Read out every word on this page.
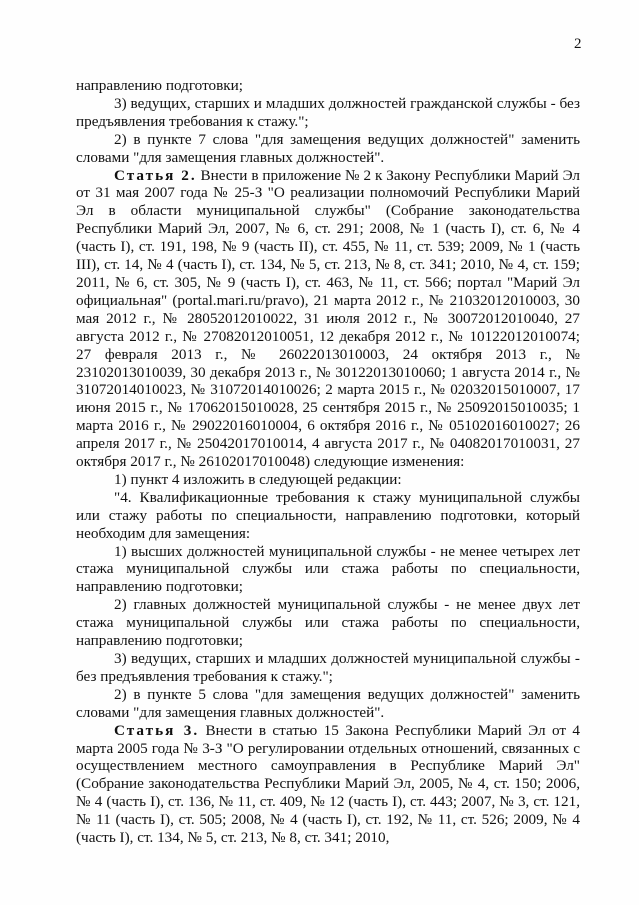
2

направлению подготовки;

3) ведущих, старших и младших должностей гражданской службы - без предъявления требования к стажу.";

2) в пункте 7 слова "для замещения ведущих должностей" заменить словами "для замещения главных должностей".

Статья 2. Внести в приложение № 2 к Закону Республики Марий Эл от 31 мая 2007 года № 25-З "О реализации полномочий Республики Марий Эл в области муниципальной службы" (Собрание законодательства Республики Марий Эл, 2007, № 6, ст. 291; 2008, № 1 (часть I), ст. 6, № 4 (часть I), ст. 191, 198, № 9 (часть II), ст. 455, № 11, ст. 539; 2009, № 1 (часть III), ст. 14, № 4 (часть I), ст. 134, № 5, ст. 213, № 8, ст. 341; 2010, № 4, ст. 159; 2011, № 6, ст. 305, № 9 (часть I), ст. 463, № 11, ст. 566; портал "Марий Эл официальная" (portal.mari.ru/pravo), 21 марта 2012 г., № 21032012010003, 30 мая 2012 г., № 28052012010022, 31 июля 2012 г., № 30072012010040, 27 августа 2012 г., № 27082012010051, 12 декабря 2012 г., № 10122012010074; 27 февраля 2013 г., № 26022013010003, 24 октября 2013 г., № 23102013010039, 30 декабря 2013 г., № 30122013010060; 1 августа 2014 г., № 31072014010023, № 31072014010026; 2 марта 2015 г., № 02032015010007, 17 июня 2015 г., № 17062015010028, 25 сентября 2015 г., № 25092015010035; 1 марта 2016 г., № 29022016010004, 6 октября 2016 г., № 05102016010027; 26 апреля 2017 г., № 25042017010014, 4 августа 2017 г., № 04082017010031, 27 октября 2017 г., № 26102017010048) следующие изменения:

1) пункт 4 изложить в следующей редакции:

"4. Квалификационные требования к стажу муниципальной службы или стажу работы по специальности, направлению подготовки, который необходим для замещения:

1) высших должностей муниципальной службы - не менее четырех лет стажа муниципальной службы или стажа работы по специальности, направлению подготовки;

2) главных должностей муниципальной службы - не менее двух лет стажа муниципальной службы или стажа работы по специальности, направлению подготовки;

3) ведущих, старших и младших должностей муниципальной службы - без предъявления требования к стажу.";

2) в пункте 5 слова "для замещения ведущих должностей" заменить словами "для замещения главных должностей".

Статья 3. Внести в статью 15 Закона Республики Марий Эл от 4 марта 2005 года № 3-З "О регулировании отдельных отношений, связанных с осуществлением местного самоуправления в Республике Марий Эл" (Собрание законодательства Республики Марий Эл, 2005, № 4, ст. 150; 2006, № 4 (часть I), ст. 136, № 11, ст. 409, № 12 (часть I), ст. 443; 2007, № 3, ст. 121, № 11 (часть I), ст. 505; 2008, № 4 (часть I), ст. 192, № 11, ст. 526; 2009, № 4 (часть I), ст. 134, № 5, ст. 213, № 8, ст. 341; 2010,
